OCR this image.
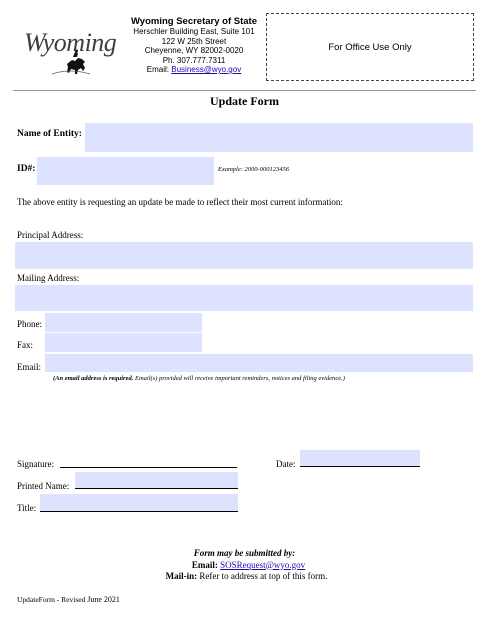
Wyoming
Wyoming Secretary of State
Herschler Building East, Suite 101
122 W 25th Street
Cheyenne, WY 82002-0020
Ph. 307.777.7311
Email: Business@wyo.gov
For Office Use Only
Update Form
Name of Entity:
ID#:	Example: 2000-000123456
The above entity is requesting an update be made to reflect their most current information:
Principal Address:
Mailing Address:
Phone:
Fax:
Email:
(An email address is required. Email(s) provided will receive important reminders, notices and filing evidence.)
Signature:	Date:
Printed Name:
Title:
Form may be submitted by:
Email: SOSRequest@wyo.gov
Mail-in: Refer to address at top of this form.
UpdateForm - Revised June 2021
